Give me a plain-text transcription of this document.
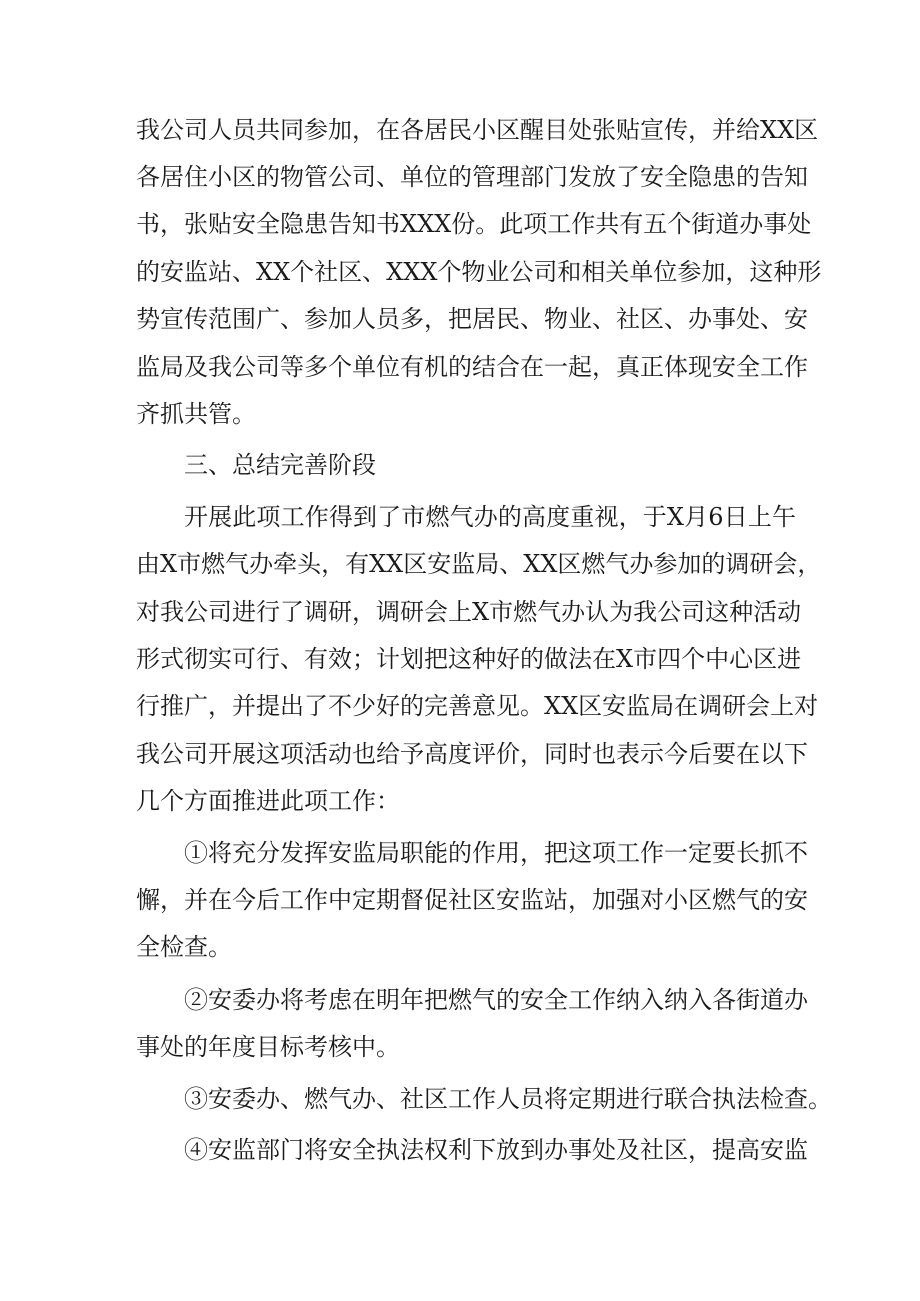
我公司人员共同参加，在各居民小区醒目处张贴宣传，并给XX区
各居住小区的物管公司、单位的管理部门发放了安全隐患的告知
书，张贴安全隐患告知书XXX份。此项工作共有五个街道办事处
的安监站、XX个社区、XXX个物业公司和相关单位参加，这种形
势宣传范围广、参加人员多，把居民、物业、社区、办事处、安
监局及我公司等多个单位有机的结合在一起，真正体现安全工作
齐抓共管。
三、总结完善阶段
开展此项工作得到了市燃气办的高度重视，于X月6日上午
由X市燃气办牵头，有XX区安监局、XX区燃气办参加的调研会，
对我公司进行了调研，调研会上X市燃气办认为我公司这种活动
形式彻实可行、有效；计划把这种好的做法在X市四个中心区进
行推广，并提出了不少好的完善意见。XX区安监局在调研会上对
我公司开展这项活动也给予高度评价，同时也表示今后要在以下
几个方面推进此项工作：
①将充分发挥安监局职能的作用，把这项工作一定要长抓不
懈，并在今后工作中定期督促社区安监站，加强对小区燃气的安
全检查。
②安委办将考虑在明年把燃气的安全工作纳入纳入各街道办
事处的年度目标考核中。
③安委办、燃气办、社区工作人员将定期进行联合执法检查。
④安监部门将安全执法权利下放到办事处及社区，提高安监
